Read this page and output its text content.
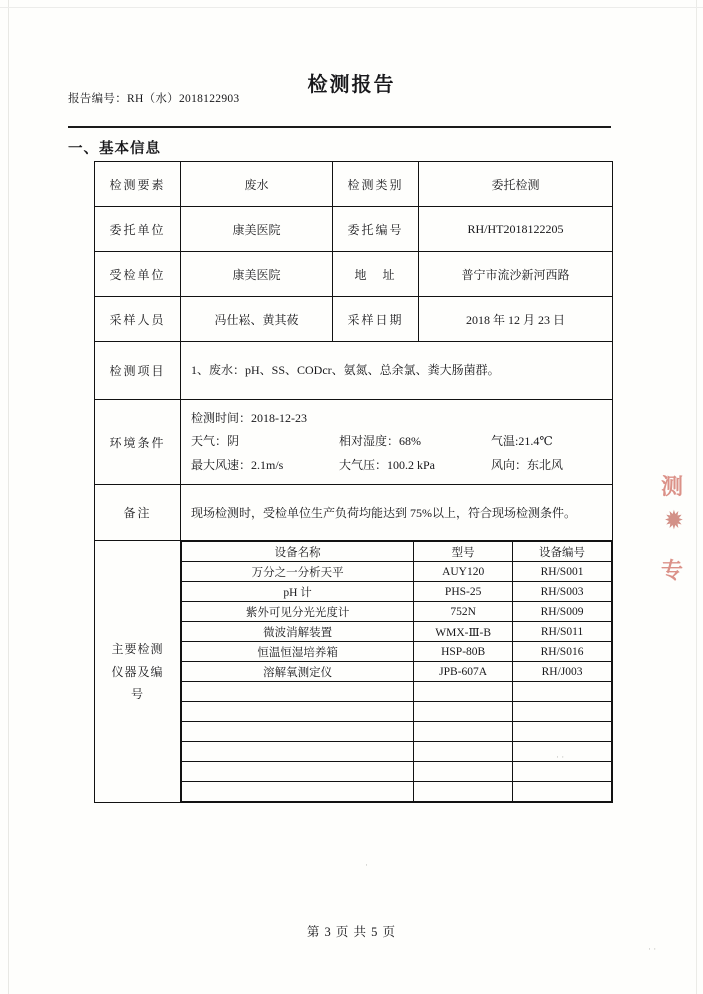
检测报告
报告编号：RH（水）2018122903
一、基本信息
检测要素	废水	检测类别	委托检测
委托单位	康美医院	委托编号	RH/HT2018122205
受检单位	康美医院	地　址	普宁市流沙新河西路
采样人员	冯仕崧、黄其莜	采样日期	2018 年 12 月 23 日
检测项目	1、废水：pH、SS、CODcr、氨氮、总余氯、粪大肠菌群。
环境条件	
检测时间：2018-12-23
天气：阴	相对湿度：68%	气温:21.4℃
最大风速：2.1m/s	大气压：100.2 kPa	风向：东北风

备注	现场检测时，受检单位生产负荷均能达到 75%以上，符合现场检测条件。

主要检测
仪器及编
号

设备名称	型号	设备编号
万分之一分析天平	AUY120	RH/S001
pH 计	PHS-25	RH/S003
紫外可见分光光度计	752N	RH/S009
微波消解装置	WMX-Ⅲ-B	RH/S011
恒温恒湿培养箱	HSP-80B	RH/S016
溶解氧测定仪	JPB-607A	RH/J003

测
✹
专
·
· ·
· ·
第 3 页 共 5 页
